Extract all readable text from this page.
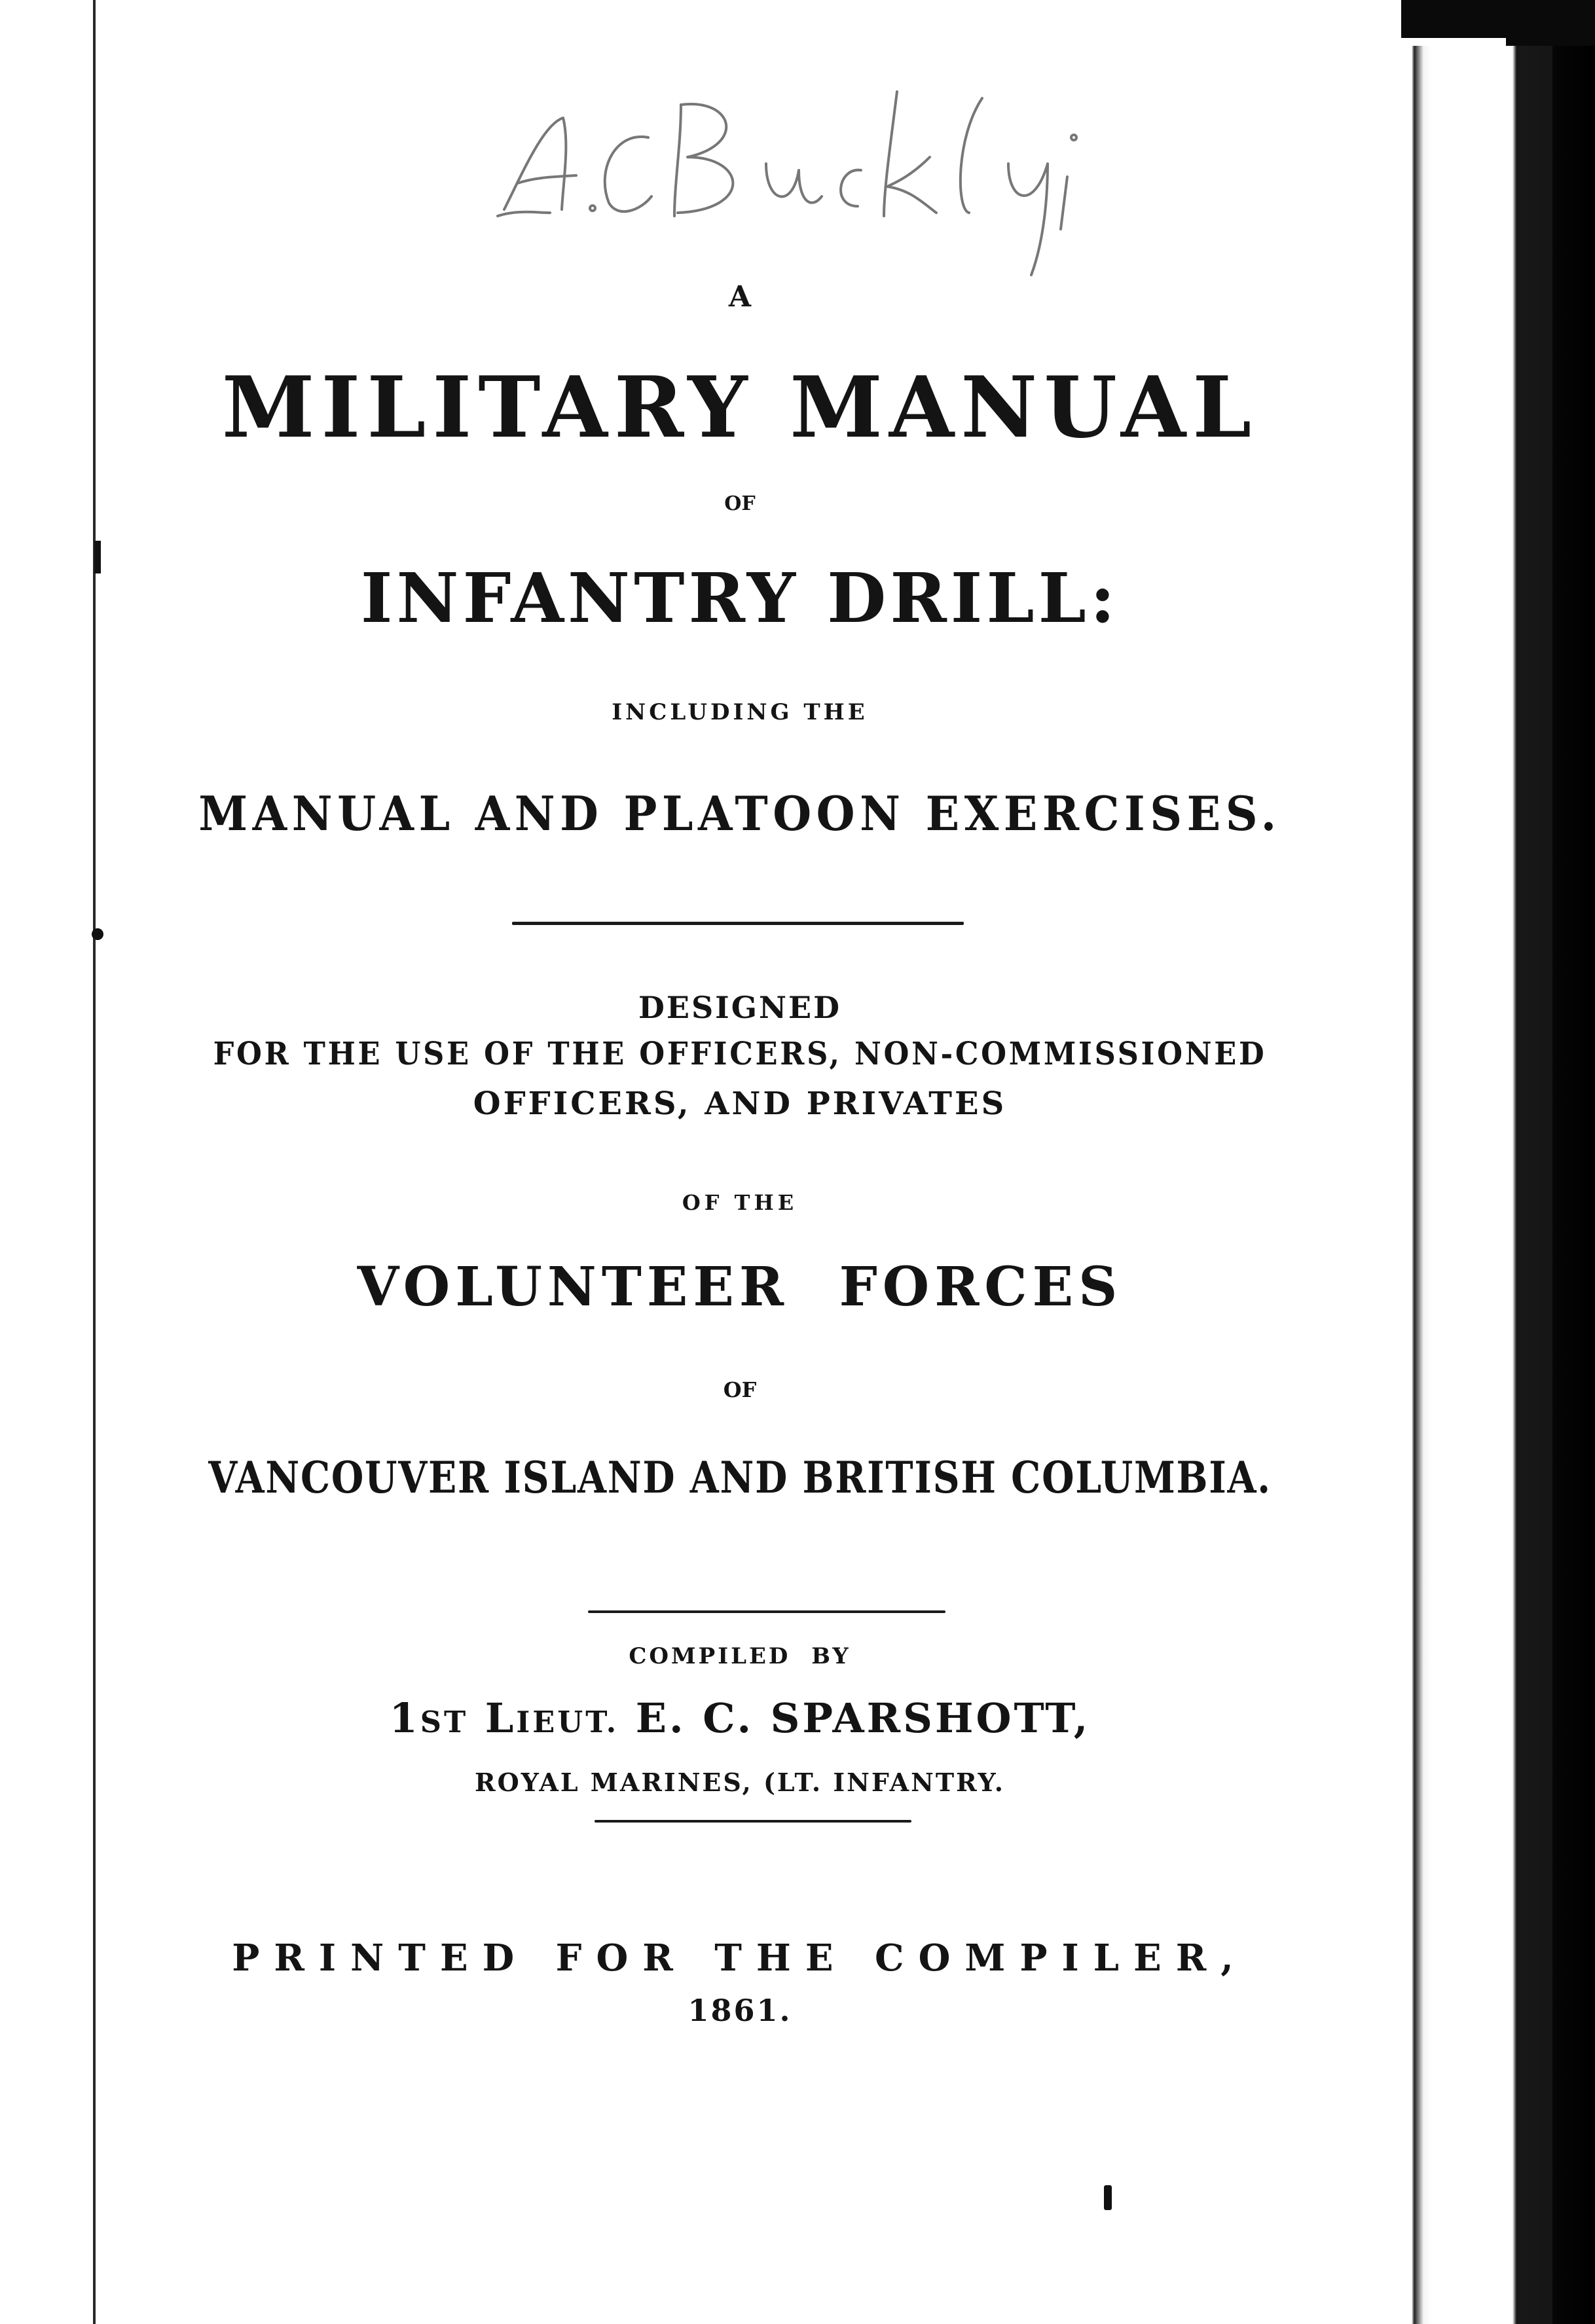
A
MILITARY MANUAL
OF
INFANTRY DRILL:
INCLUDING THE
MANUAL AND PLATOON EXERCISES.
DESIGNED
FOR THE USE OF THE OFFICERS, NON-COMMISSIONED
OFFICERS, AND PRIVATES
OF THE
VOLUNTEER FORCES
OF
VANCOUVER ISLAND AND BRITISH COLUMBIA.
COMPILED BY
1ST LIEUT. E. C. SPARSHOTT,
ROYAL MARINES, (LT. INFANTRY.
PRINTED FOR THE COMPILER,
1861.
